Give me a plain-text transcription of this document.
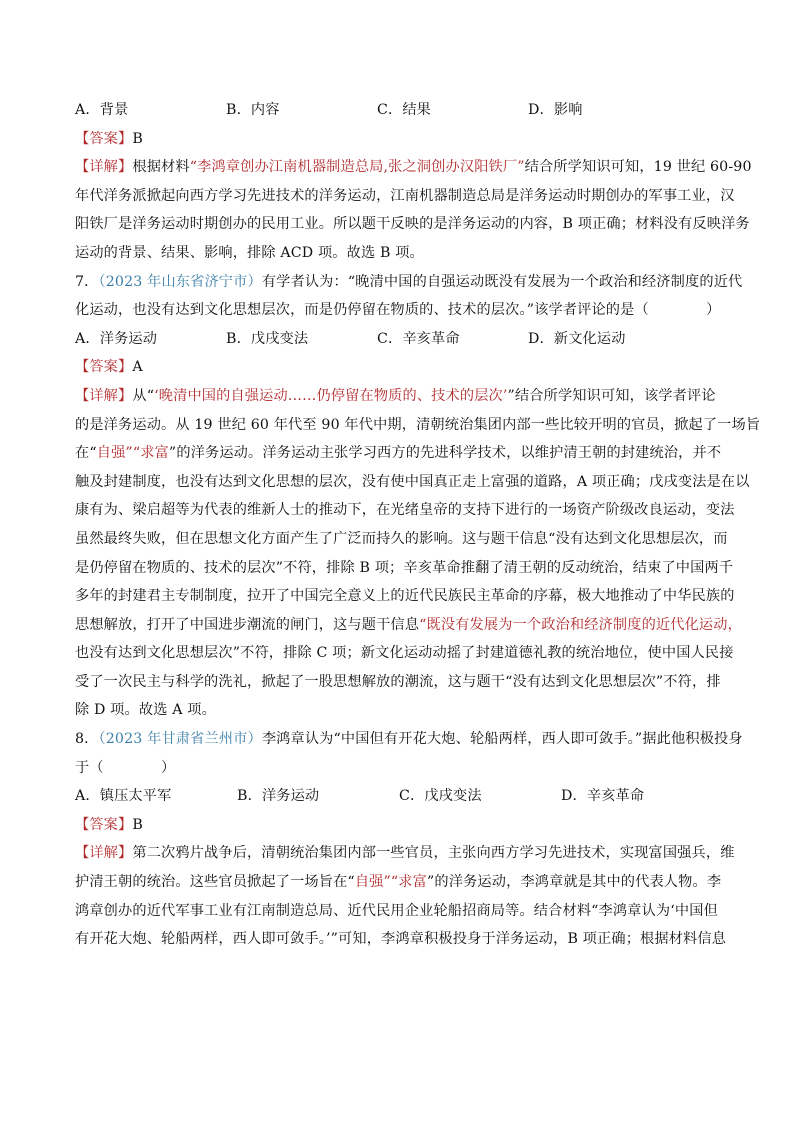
A．背景	B．内容	C．结果	D．影响
【答案】B
【详解】根据材料“李鸿章创办江南机器制造总局,张之洞创办汉阳铁厂”结合所学知识可知，19 世纪 60-90
年代洋务派掀起向西方学习先进技术的洋务运动，江南机器制造总局是洋务运动时期创办的军事工业，汉
阳铁厂是洋务运动时期创办的民用工业。所以题干反映的是洋务运动的内容，B 项正确；材料没有反映洋务
运动的背景、结果、影响，排除 ACD 项。故选 B 项。
7．（2023 年山东省济宁市）有学者认为：“晚清中国的自强运动既没有发展为一个政治和经济制度的近代
化运动，也没有达到文化思想层次，而是仍停留在物质的、技术的层次。”该学者评论的是（　　　　）
A．洋务运动	B．戊戌变法	C．辛亥革命	D．新文化运动
【答案】A
【详解】从“‘晚清中国的自强运动……仍停留在物质的、技术的层次’”结合所学知识可知，该学者评论
的是洋务运动。从 19 世纪 60 年代至 90 年代中期，清朝统治集团内部一些比较开明的官员，掀起了一场旨
在“自强”“求富”的洋务运动。洋务运动主张学习西方的先进科学技术，以维护清王朝的封建统治，并不
触及封建制度，也没有达到文化思想的层次，没有使中国真正走上富强的道路，A 项正确；戊戌变法是在以
康有为、梁启超等为代表的维新人士的推动下，在光绪皇帝的支持下进行的一场资产阶级改良运动，变法
虽然最终失败，但在思想文化方面产生了广泛而持久的影响。这与题干信息“没有达到文化思想层次，而
是仍停留在物质的、技术的层次”不符，排除 B 项；辛亥革命推翻了清王朝的反动统治，结束了中国两千
多年的封建君主专制制度，拉开了中国完全意义上的近代民族民主革命的序幕，极大地推动了中华民族的
思想解放，打开了中国进步潮流的闸门，这与题干信息“既没有发展为一个政治和经济制度的近代化运动，
也没有达到文化思想层次”不符，排除 C 项；新文化运动动摇了封建道德礼教的统治地位，使中国人民接
受了一次民主与科学的洗礼，掀起了一股思想解放的潮流，这与题干“没有达到文化思想层次”不符，排
除 D 项。故选 A 项。
8．（2023 年甘肃省兰州市）李鸿章认为“中国但有开花大炮、轮船两样，西人即可敛手。”据此他积极投身
于（　　　　）
A．镇压太平军	B．洋务运动	C．戊戌变法	D．辛亥革命
【答案】B
【详解】第二次鸦片战争后，清朝统治集团内部一些官员，主张向西方学习先进技术，实现富国强兵，维
护清王朝的统治。这些官员掀起了一场旨在“自强”“求富”的洋务运动，李鸿章就是其中的代表人物。李
鸿章创办的近代军事工业有江南制造总局、近代民用企业轮船招商局等。结合材料“李鸿章认为‘中国但
有开花大炮、轮船两样，西人即可敛手。’”可知，李鸿章积极投身于洋务运动，B 项正确；根据材料信息
